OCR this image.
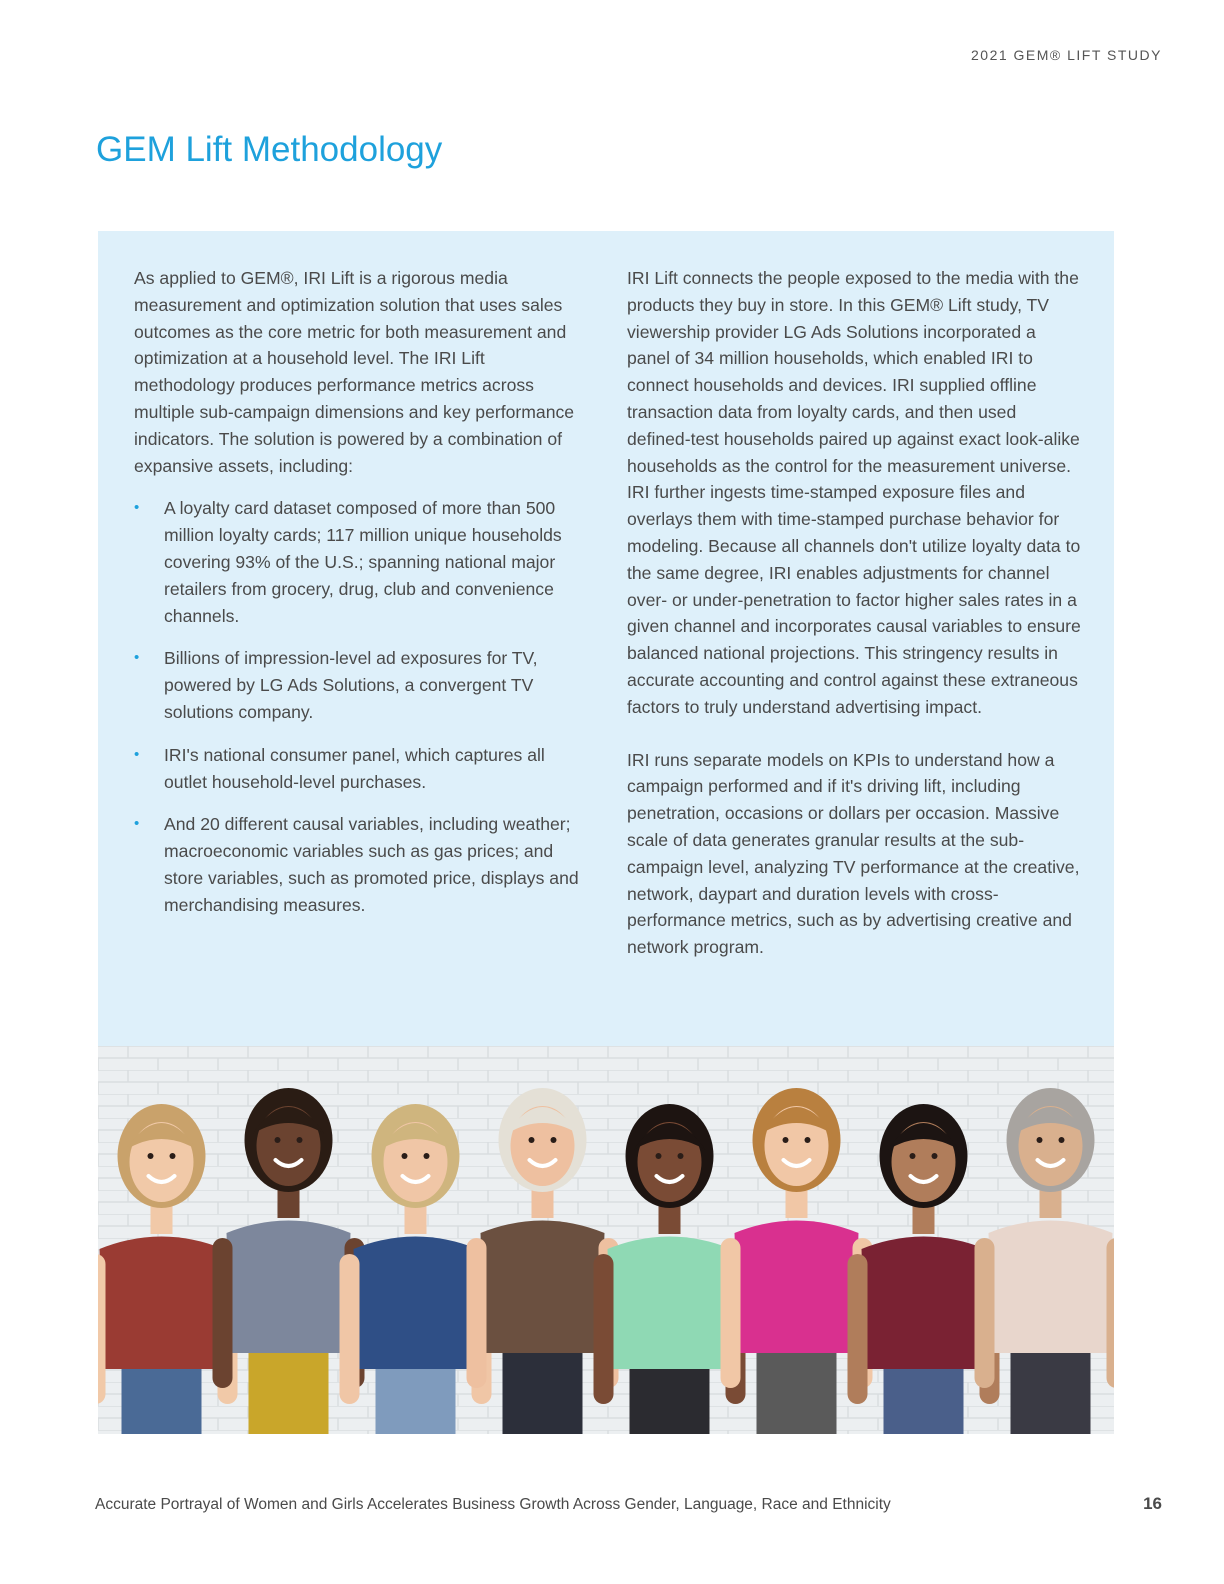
2021 GEM® LIFT STUDY
GEM Lift Methodology

As applied to GEM®, IRI Lift is a rigorous media measurement and optimization solution that uses sales outcomes as the core metric for both measurement and optimization at a household level. The IRI Lift methodology produces performance metrics across multiple sub-campaign dimensions and key performance indicators. The solution is powered by a combination of expansive assets, including:

• A loyalty card dataset composed of more than 500 million loyalty cards; 117 million unique households covering 93% of the U.S.; spanning national major retailers from grocery, drug, club and convenience channels.
• Billions of impression-level ad exposures for TV, powered by LG Ads Solutions, a convergent TV solutions company.
• IRI's national consumer panel, which captures all outlet household-level purchases.
• And 20 different causal variables, including weather; macroeconomic variables such as gas prices; and store variables, such as promoted price, displays and merchandising measures.

IRI Lift connects the people exposed to the media with the products they buy in store. In this GEM® Lift study, TV viewership provider LG Ads Solutions incorporated a panel of 34 million households, which enabled IRI to connect households and devices. IRI supplied offline transaction data from loyalty cards, and then used defined-test households paired up against exact look-alike households as the control for the measurement universe. IRI further ingests time-stamped exposure files and overlays them with time-stamped purchase behavior for modeling. Because all channels don't utilize loyalty data to the same degree, IRI enables adjustments for channel over- or under-penetration to factor higher sales rates in a given channel and incorporates causal variables to ensure balanced national projections. This stringency results in accurate accounting and control against these extraneous factors to truly understand advertising impact.

IRI runs separate models on KPIs to understand how a campaign performed and if it's driving lift, including penetration, occasions or dollars per occasion. Massive scale of data generates granular results at the sub-campaign level, analyzing TV performance at the creative, network, daypart and duration levels with cross-performance metrics, such as by advertising creative and network program.

Accurate Portrayal of Women and Girls Accelerates Business Growth Across Gender, Language, Race and Ethnicity	16
